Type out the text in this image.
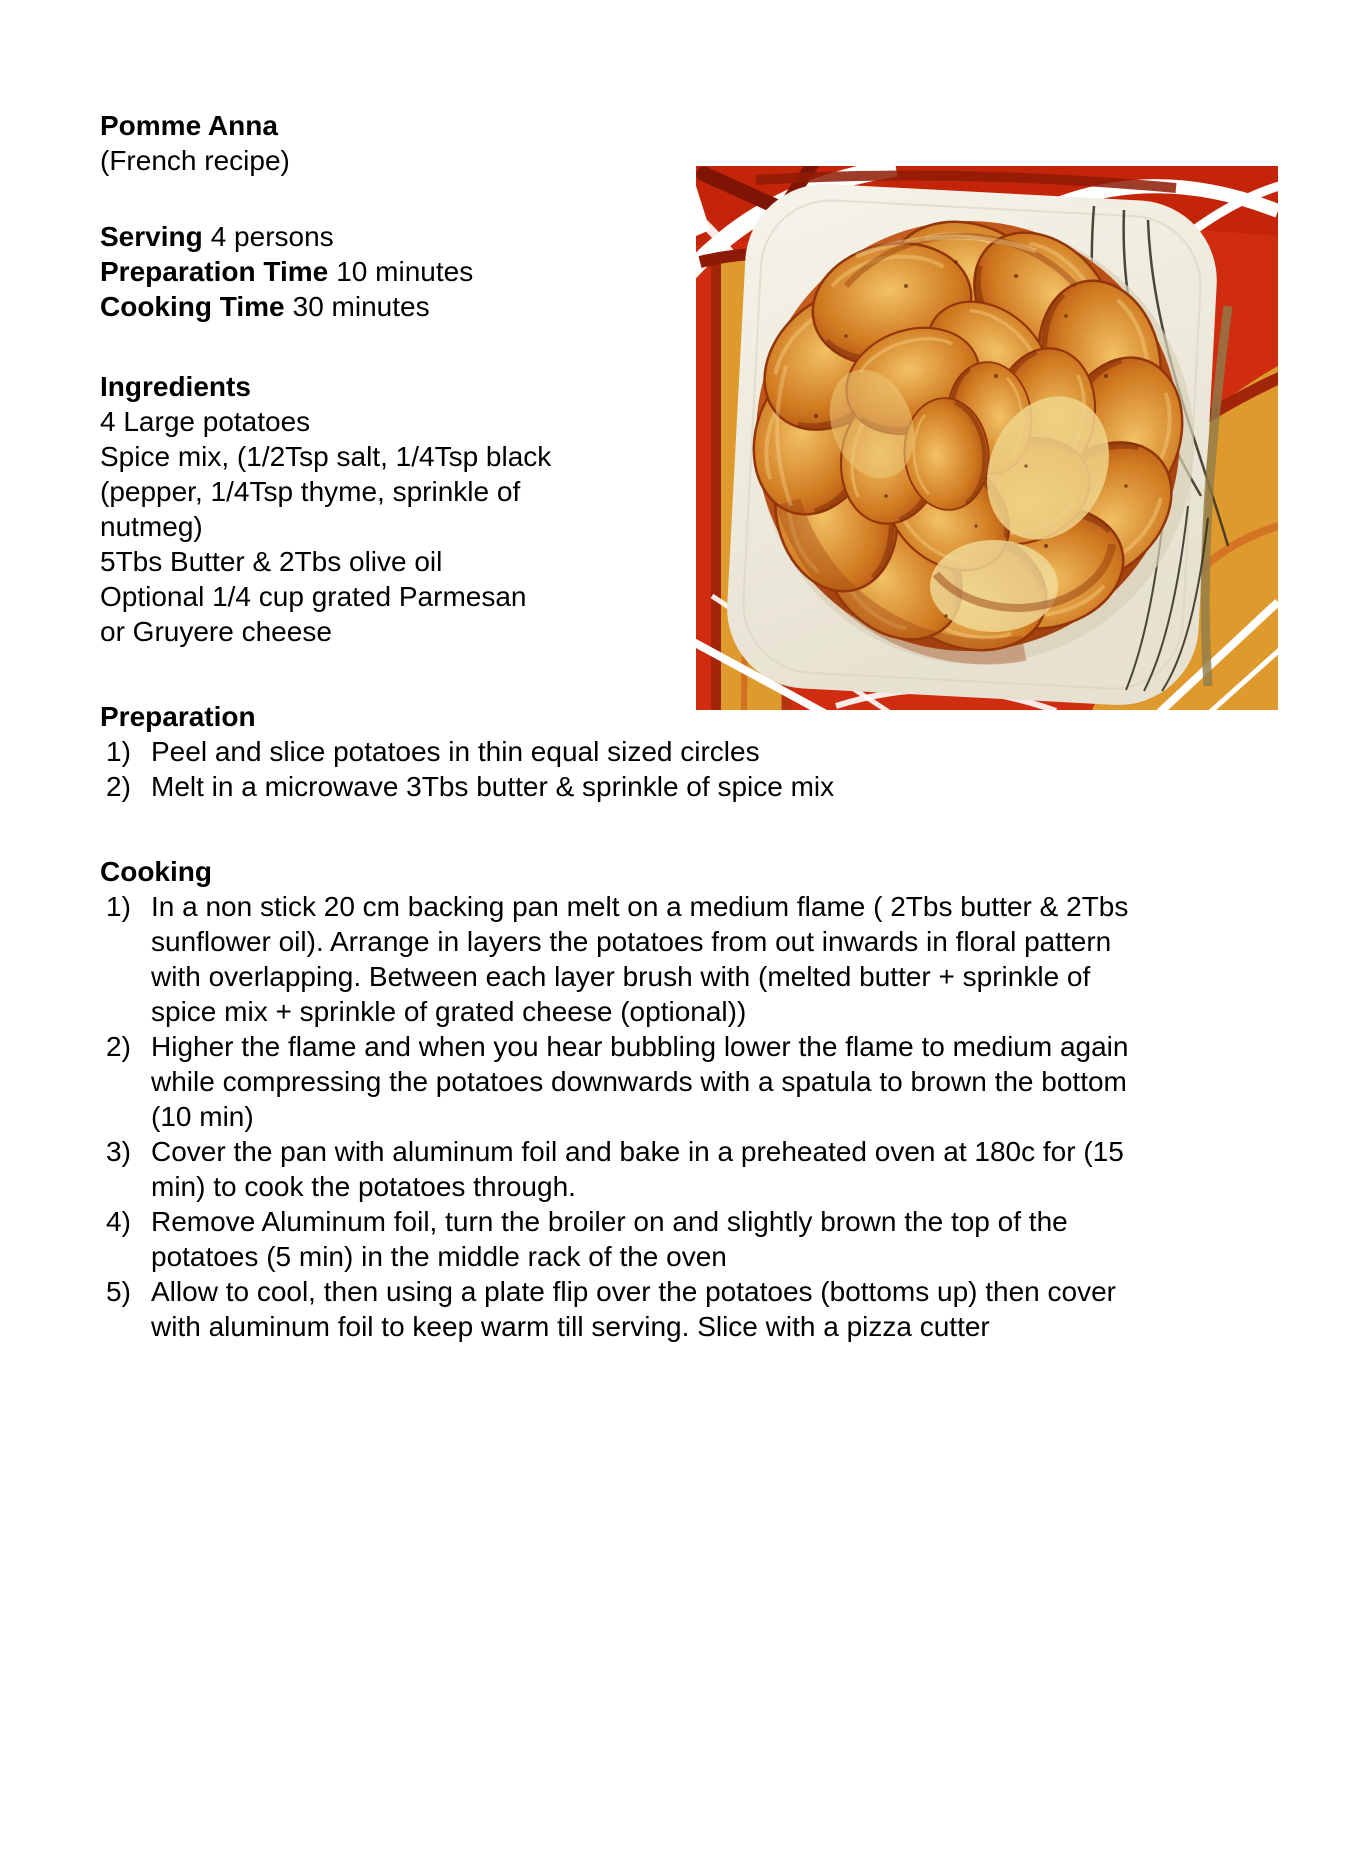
Pomme Anna
(French recipe)
Serving 4 persons
Preparation Time 10 minutes
Cooking Time 30 minutes
Ingredients
4 Large potatoes
Spice mix, (1/2Tsp salt, 1/4Tsp black
(pepper, 1/4Tsp thyme, sprinkle of
nutmeg)
5Tbs Butter & 2Tbs olive oil
Optional 1/4 cup grated Parmesan
or Gruyere cheese
Preparation
1) Peel and slice potatoes in thin equal sized circles
2) Melt in a microwave 3Tbs butter & sprinkle of spice mix
Cooking
1) In a non stick 20 cm backing pan melt on a medium flame ( 2Tbs butter & 2Tbs
sunflower oil). Arrange in layers the potatoes from out inwards in floral pattern
with overlapping. Between each layer brush with (melted butter + sprinkle of
spice mix + sprinkle of grated cheese (optional))
2) Higher the flame and when you hear bubbling lower the flame to medium again
while compressing the potatoes downwards with a spatula to brown the bottom
(10 min)
3) Cover the pan with aluminum foil and bake in a preheated oven at 180c for (15
min) to cook the potatoes through.
4) Remove Aluminum foil, turn the broiler on and slightly brown the top of the
potatoes (5 min) in the middle rack of the oven
5) Allow to cool, then using a plate flip over the potatoes (bottoms up) then cover
with aluminum foil to keep warm till serving. Slice with a pizza cutter
